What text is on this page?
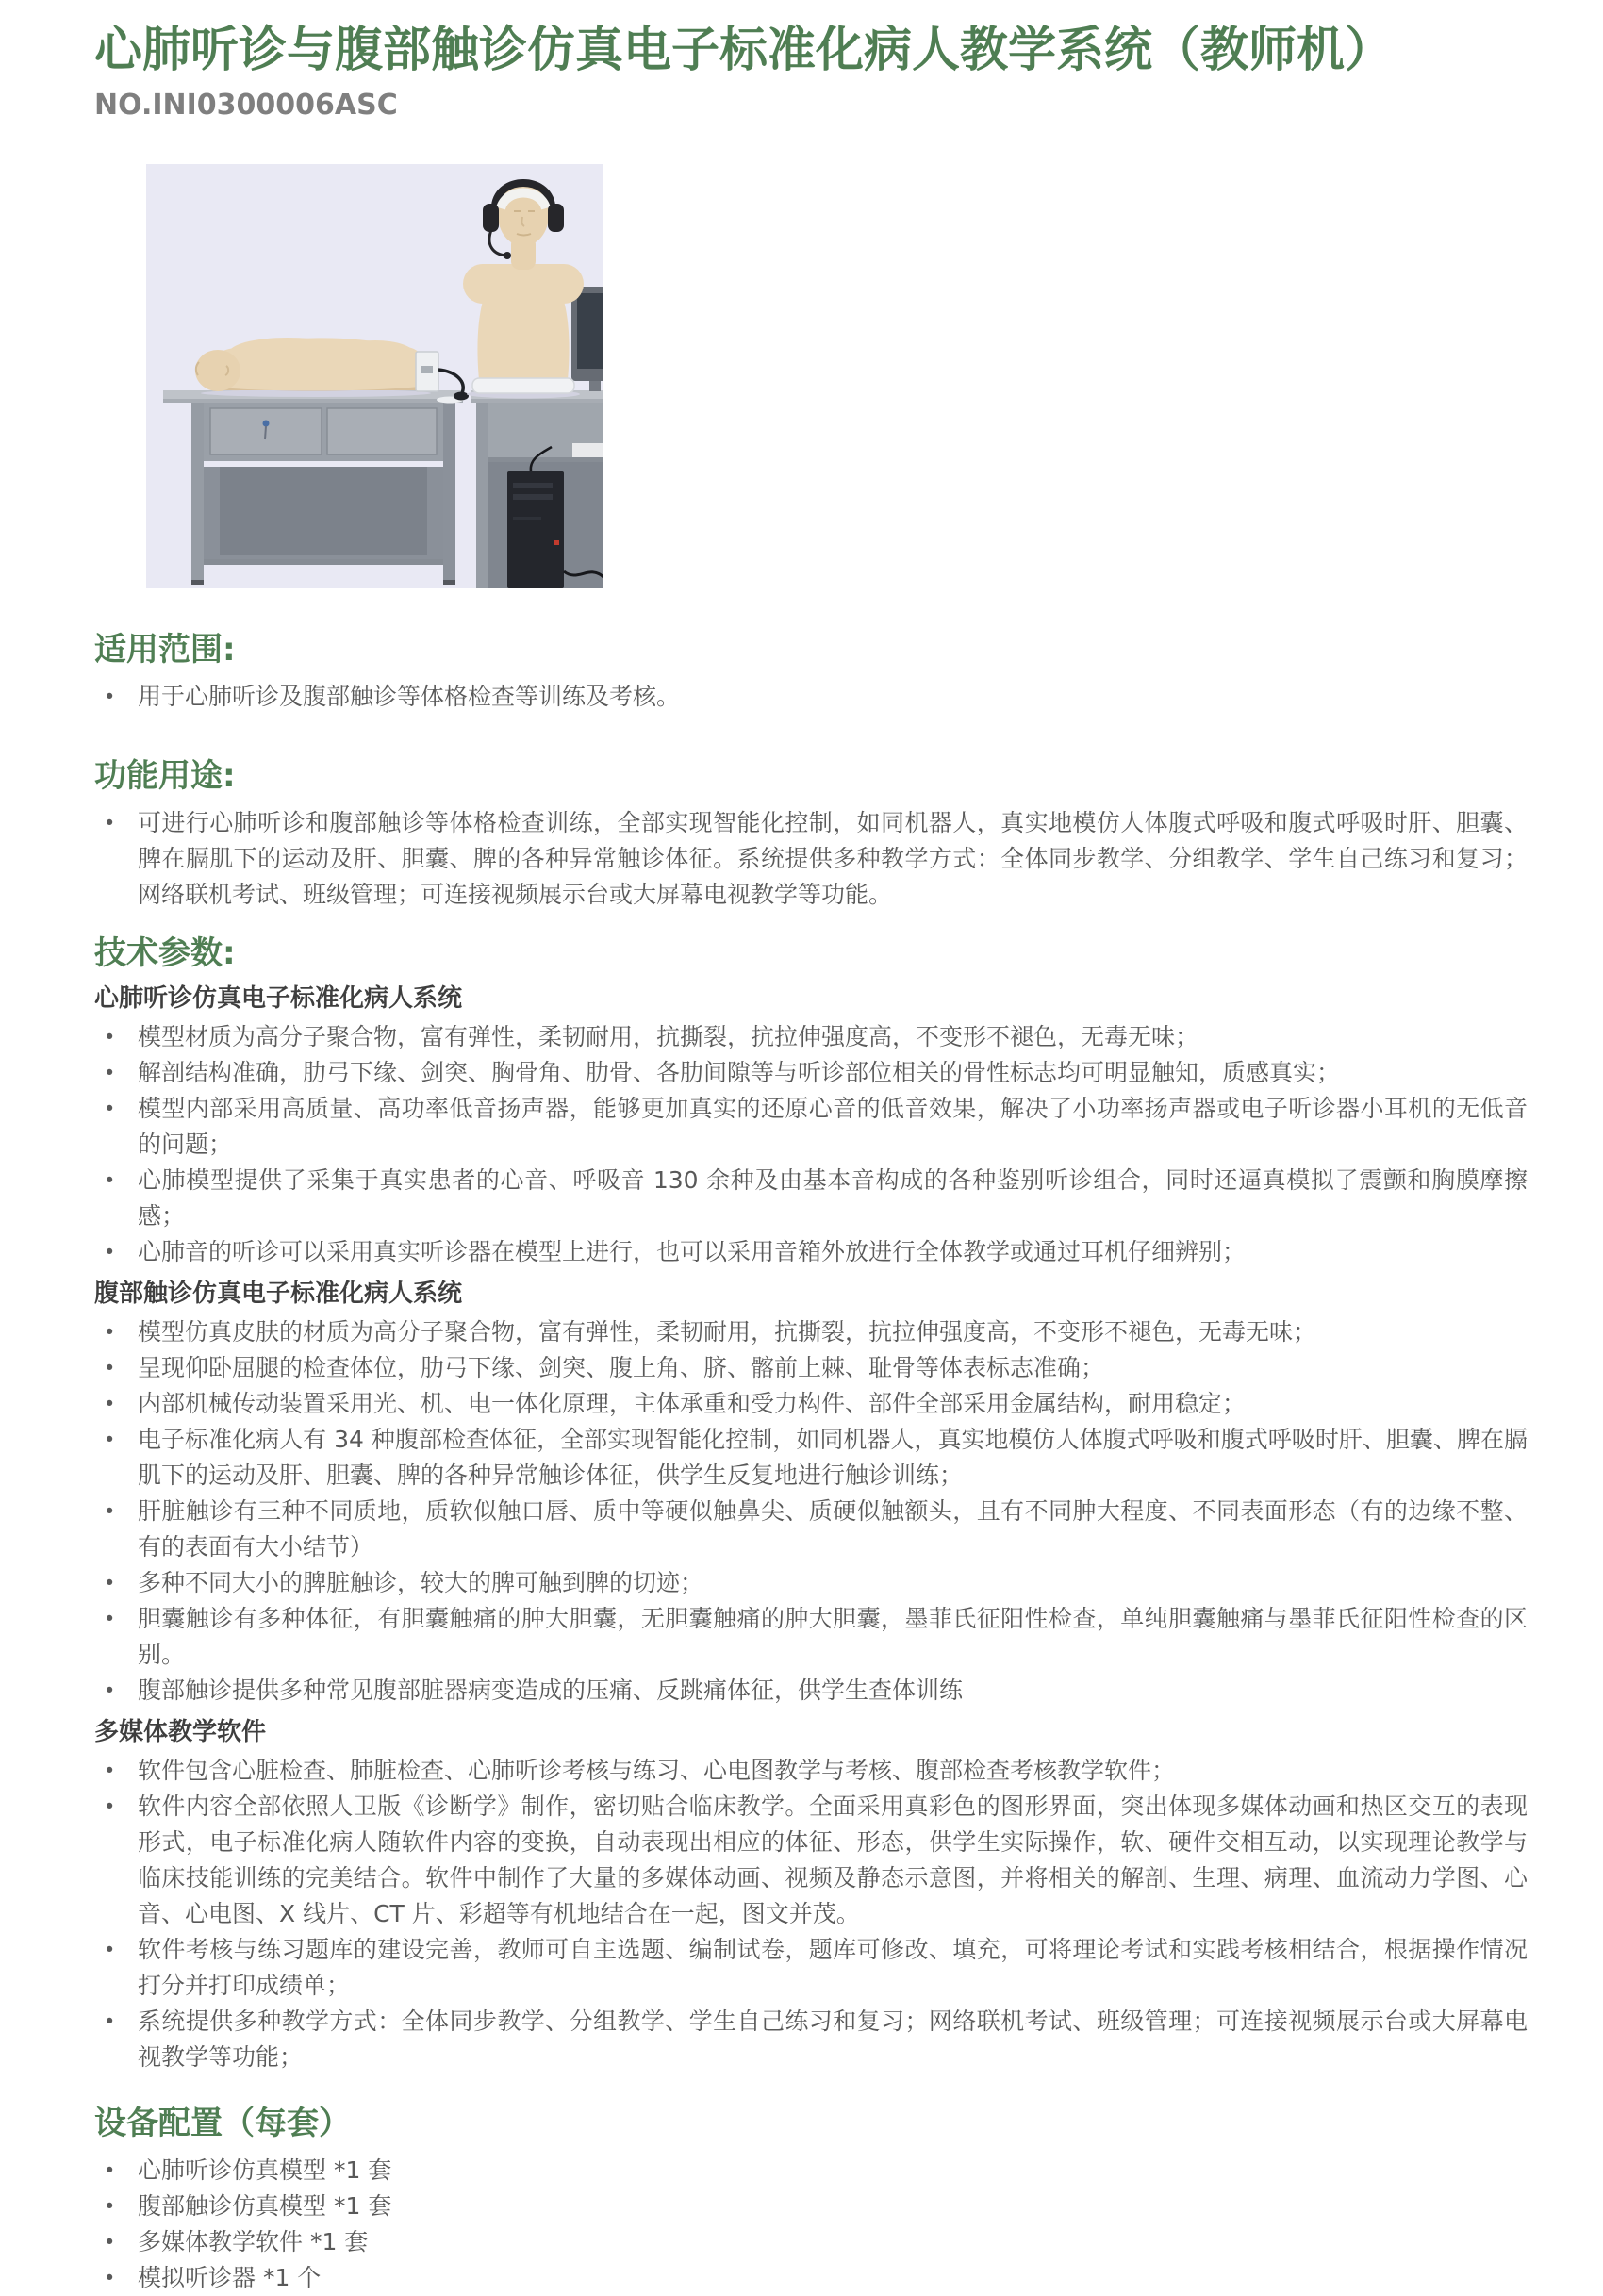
心肺听诊与腹部触诊仿真电子标准化病人教学系统（教师机）
NO.INI0300006ASC
适用范围:
• 用于心肺听诊及腹部触诊等体格检查等训练及考核。
功能用途:
• 可进行心肺听诊和腹部触诊等体格检查训练，全部实现智能化控制，如同机器人，真实地模仿人体腹式呼吸和腹式呼吸时肝、胆囊、脾在膈肌下的运动及肝、胆囊、脾的各种异常触诊体征。系统提供多种教学方式：全体同步教学、分组教学、学生自己练习和复习；网络联机考试、班级管理；可连接视频展示台或大屏幕电视教学等功能。
技术参数:
心肺听诊仿真电子标准化病人系统
• 模型材质为高分子聚合物，富有弹性，柔韧耐用，抗撕裂，抗拉伸强度高，不变形不褪色，无毒无味；
• 解剖结构准确，肋弓下缘、剑突、胸骨角、肋骨、各肋间隙等与听诊部位相关的骨性标志均可明显触知，质感真实；
• 模型内部采用高质量、高功率低音扬声器，能够更加真实的还原心音的低音效果，解决了小功率扬声器或电子听诊器小耳机的无低音的问题；
• 心肺模型提供了采集于真实患者的心音、呼吸音 130 余种及由基本音构成的各种鉴别听诊组合，同时还逼真模拟了震颤和胸膜摩擦感；
• 心肺音的听诊可以采用真实听诊器在模型上进行，也可以采用音箱外放进行全体教学或通过耳机仔细辨别；
腹部触诊仿真电子标准化病人系统
• 模型仿真皮肤的材质为高分子聚合物，富有弹性，柔韧耐用，抗撕裂，抗拉伸强度高，不变形不褪色，无毒无味；
• 呈现仰卧屈腿的检查体位，肋弓下缘、剑突、腹上角、脐、髂前上棘、耻骨等体表标志准确；
• 内部机械传动装置采用光、机、电一体化原理，主体承重和受力构件、部件全部采用金属结构，耐用稳定；
• 电子标准化病人有 34 种腹部检查体征，全部实现智能化控制，如同机器人，真实地模仿人体腹式呼吸和腹式呼吸时肝、胆囊、脾在膈肌下的运动及肝、胆囊、脾的各种异常触诊体征，供学生反复地进行触诊训练；
• 肝脏触诊有三种不同质地，质软似触口唇、质中等硬似触鼻尖、质硬似触额头，且有不同肿大程度、不同表面形态（有的边缘不整、有的表面有大小结节）
• 多种不同大小的脾脏触诊，较大的脾可触到脾的切迹；
• 胆囊触诊有多种体征，有胆囊触痛的肿大胆囊，无胆囊触痛的肿大胆囊，墨菲氏征阳性检查，单纯胆囊触痛与墨菲氏征阳性检查的区别。
• 腹部触诊提供多种常见腹部脏器病变造成的压痛、反跳痛体征，供学生查体训练
多媒体教学软件
• 软件包含心脏检查、肺脏检查、心肺听诊考核与练习、心电图教学与考核、腹部检查考核教学软件；
• 软件内容全部依照人卫版《诊断学》制作，密切贴合临床教学。全面采用真彩色的图形界面，突出体现多媒体动画和热区交互的表现形式，电子标准化病人随软件内容的变换，自动表现出相应的体征、形态，供学生实际操作，软、硬件交相互动，以实现理论教学与临床技能训练的完美结合。软件中制作了大量的多媒体动画、视频及静态示意图，并将相关的解剖、生理、病理、血流动力学图、心音、心电图、X 线片、CT 片、彩超等有机地结合在一起，图文并茂。
• 软件考核与练习题库的建设完善，教师可自主选题、编制试卷，题库可修改、填充，可将理论考试和实践考核相结合，根据操作情况打分并打印成绩单；
• 系统提供多种教学方式：全体同步教学、分组教学、学生自己练习和复习；网络联机考试、班级管理；可连接视频展示台或大屏幕电视教学等功能；
设备配置（每套）
• 心肺听诊仿真模型 *1 套
• 腹部触诊仿真模型 *1 套
• 多媒体教学软件 *1 套
• 模拟听诊器 *1 个
